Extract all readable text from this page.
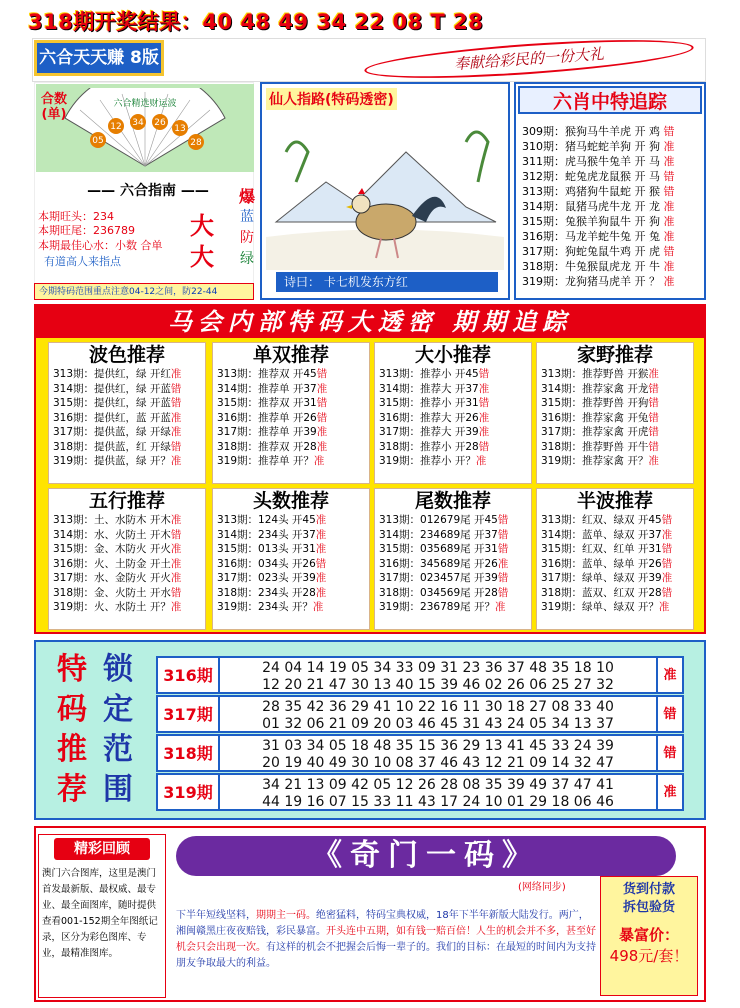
318期开奖结果：40 48 49 34 22 08 T 28
六合天天赚 8版	奉献给彩民的一份大礼
合数(单)
六合精选财运波
05
12 34 26
13
28
—— 六合指南 ——
本期旺头：234
本期旺尾：236789
本期最佳心水：小数 合单
有道高人来指点
大
大
爆
蓝
防
绿
今期特码范围重点注意04-12之间，防22-44
仙人指路(特码透密)
诗曰： 卡七机发东方红
六肖中特追踪
309期：猴狗马牛羊虎 开 鸡 错
310期：猪马蛇蛇羊狗 开 狗 准
311期：虎马猴牛兔羊 开 马 准
312期：蛇兔虎龙鼠猴 开 马 错
313期：鸡猪狗牛鼠蛇 开 猴 错
314期：鼠猪马虎牛龙 开 龙 准
315期：兔猴羊狗鼠牛 开 狗 准
316期：马龙羊蛇牛兔 开 兔 准
317期：狗蛇兔鼠牛鸡 开 虎 错
318期：牛兔猴鼠虎龙 开 牛 准
319期：龙狗猪马虎羊 开 ？ 准
马会内部特码大透密 期期追踪
波色推荐
313期：提供红，绿 开红准
314期：提供红，绿 开蓝错
315期：提供红，绿 开蓝错
316期：提供红，蓝 开蓝准
317期：提供蓝，绿 开绿准
318期：提供蓝，红 开绿错
319期：提供蓝，绿 开？准
单双推荐
313期：推荐双 开45错
314期：推荐单 开37准
315期：推荐双 开31错
316期：推荐单 开26错
317期：推荐单 开39准
318期：推荐双 开28准
319期：推荐单 开？准
大小推荐
313期：推荐小 开45错
314期：推荐大 开37准
315期：推荐小 开31错
316期：推荐大 开26准
317期：推荐大 开39准
318期：推荐小 开28错
319期：推荐小 开？准
家野推荐
313期：推荐野兽 开猴准
314期：推荐家禽 开龙错
315期：推荐野兽 开狗错
316期：推荐家禽 开兔错
317期：推荐家禽 开虎错
318期：推荐野兽 开牛错
319期：推荐家禽 开？准
五行推荐
313期：土、水防木 开木准
314期：水、火防土 开木错
315期：金、木防火 开火准
316期：火、土防金 开土准
317期：水、金防火 开火准
318期：金、火防土 开水错
319期：火、水防土 开？准
头数推荐
313期：124头 开45准
314期：234头 开37准
315期：013头 开31准
316期：034头 开26错
317期：023头 开39准
318期：234头 开28准
319期：234头 开？准
尾数推荐
313期：012679尾 开45错
314期：234689尾 开37错
315期：035689尾 开31错
316期：345689尾 开26准
317期：023457尾 开39错
318期：034569尾 开28错
319期：236789尾 开？准
半波推荐
313期：红双、绿双 开45错
314期：蓝单、绿双 开37准
315期：红双、红单 开31错
316期：蓝单、绿单 开26错
317期：绿单、绿双 开39准
318期：蓝双、红双 开28错
319期：绿单、绿双 开？准
特
码
推
荐
锁
定
范
围
316期	24 04 14 19 05 34 33 09 31 23 36 37 48 35 18 10
12 20 21 47 30 13 40 15 39 46 02 26 06 25 27 32
准
317期	28 35 42 36 29 41 10 22 16 11 30 18 27 08 33 40
01 32 06 21 09 20 03 46 45 31 43 24 05 34 13 37
错
318期	31 03 34 05 18 48 35 15 36 29 13 41 45 33 24 39
20 19 40 49 30 10 08 37 46 43 12 21 09 14 32 47
错
319期	34 21 13 09 42 05 12 26 28 08 35 39 49 37 47 41
44 19 16 07 15 33 11 43 17 24 10 01 29 18 06 46
准
精彩回顾
澳门六合图库，这里是澳门首发最新版、最权威、最专业、最全面图库，随时提供查看001-152期全年图纸记录，区分为彩色图库、专业，最精准图库。
《奇门一码》
(网络同步)
下半年短线坚料，期期主一码。绝密猛料，特码宝典权威，18年下半年新版大陆发行。两广，湘闽赣黑庄夜夜赔钱，彩民暴富。开头连中五期，如有钱一赔百倍！人生的机会并不多，甚至好机会只会出现一次。有这样的机会不把握会后悔一辈子的。我们的目标：在最短的时间内为支持朋友争取最大的利益。
货到付款
拆包验货
暴富价：
498元/套！
